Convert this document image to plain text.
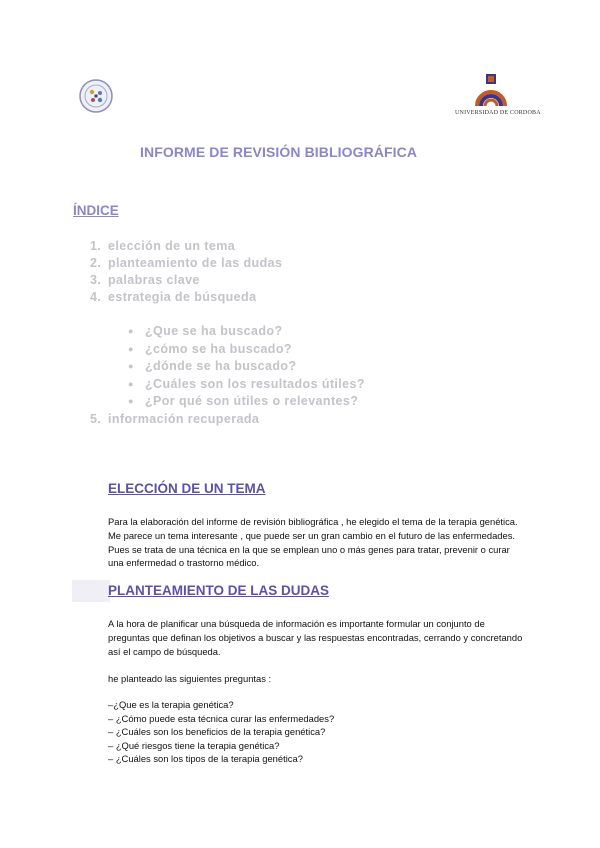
UNIVERSIDAD DE CORDOBA
INFORME DE REVISIÓN BIBLIOGRÁFICA
ÍNDICE
1. elección de un tema
2. planteamiento de las dudas
3. palabras clave
4. estrategia de búsqueda
● ¿Que se ha buscado?
● ¿cómo se ha buscado?
● ¿dónde se ha buscado?
● ¿Cuáles son los resultados útiles?
● ¿Por qué son útiles o relevantes?
5. información recuperada
ELECCIÓN DE UN TEMA

Para la elaboración del informe de revisión bibliográfica , he elegido el tema de la terapia genética. Me parece un tema interesante , que puede ser un gran cambio en el futuro de las enfermedades. Pues se trata de una técnica en la que se emplean uno o más genes para tratar, prevenir o curar una enfermedad o trastorno médico.

PLANTEAMIENTO DE LAS DUDAS

A la hora de planificar una búsqueda de información es importante formular un conjunto de preguntas que definan los objetivos a buscar y las respuestas encontradas, cerrando y concretando así el campo de búsqueda.

he planteado las siguientes preguntas :

–¿Que es la terapia genética?
– ¿Cómo puede esta técnica curar las enfermedades?
– ¿Cuáles son los beneficios de la terapia genética?
– ¿Qué riesgos tiene la terapia genética?
– ¿Cuáles son los tipos de la terapia genética?
